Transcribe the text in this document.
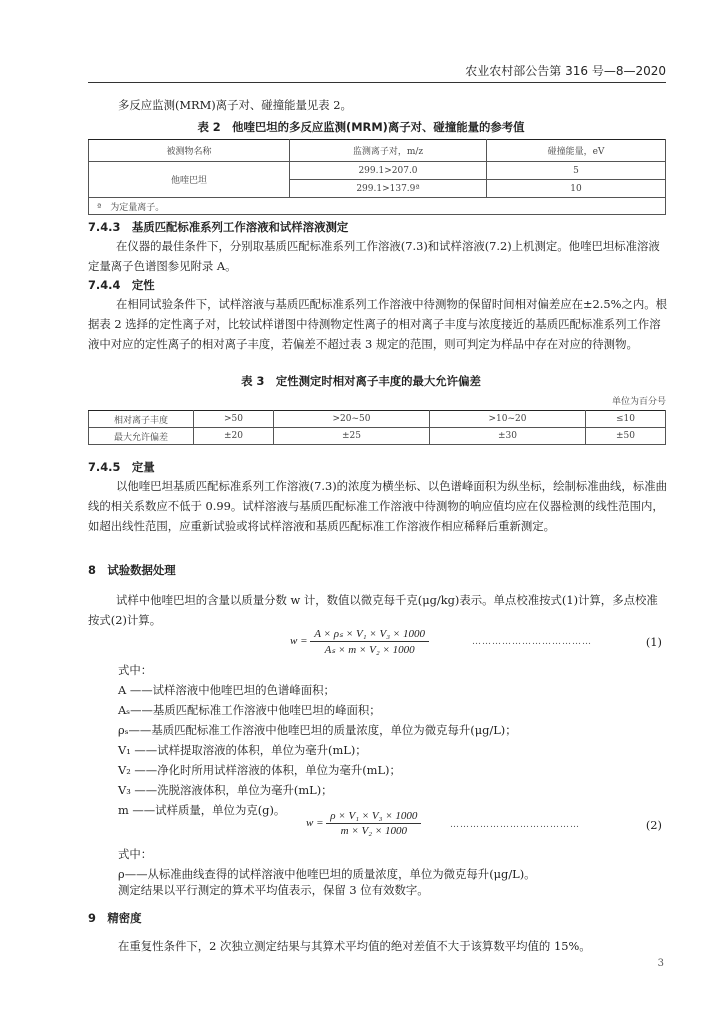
农业农村部公告第 316 号—8—2020
多反应监测(MRM)离子对、碰撞能量见表 2。
表 2　他喹巴坦的多反应监测(MRM)离子对、碰撞能量的参考值
被测物名称	监测离子对，m/z	碰撞能量，eV
他喹巴坦	299.1>207.0	5
	299.1>137.9ª	10
ª　为定量离子。		
7.4.3　基质匹配标准系列工作溶液和试样溶液测定
在仪器的最佳条件下，分别取基质匹配标准系列工作溶液(7.3)和试样溶液(7.2)上机测定。他喹巴坦标准溶液定量离子色谱图参见附录 A。
7.4.4　定性
在相同试验条件下，试样溶液与基质匹配标准系列工作溶液中待测物的保留时间相对偏差应在±2.5%之内。根据表 2 选择的定性离子对，比较试样谱图中待测物定性离子的相对离子丰度与浓度接近的基质匹配标准系列工作溶液中对应的定性离子的相对离子丰度，若偏差不超过表 3 规定的范围，则可判定为样品中存在对应的待测物。
表 3　定性测定时相对离子丰度的最大允许偏差
单位为百分号
相对离子丰度	>50	>20~50	>10~20	≤10
最大允许偏差	±20	±25	±30	±50
7.4.5　定量
以他喹巴坦基质匹配标准系列工作溶液(7.3)的浓度为横坐标、以色谱峰面积为纵坐标，绘制标准曲线，标准曲线的相关系数应不低于 0.99。试样溶液与基质匹配标准工作溶液中待测物的响应值均应在仪器检测的线性范围内，如超出线性范围，应重新试验或将试样溶液和基质匹配标准工作溶液作相应稀释后重新测定。
8　试验数据处理
试样中他喹巴坦的含量以质量分数 w 计，数值以微克每千克(μg/kg)表示。单点校准按式(1)计算，多点校准按式(2)计算。
$w = \frac{\text{A × ρₛ × V₁ × V₃ × 1000}}{\text{Aₛ × m × V₂ × 1000}}$	………………………………	(1)
式中：
A ——试样溶液中他喹巴坦的色谱峰面积；
Aₛ——基质匹配标准工作溶液中他喹巴坦的峰面积；
ρₛ——基质匹配标准工作溶液中他喹巴坦的质量浓度，单位为微克每升(μg/L)；
V₁ ——试样提取溶液的体积，单位为毫升(mL)；
V₂ ——净化时所用试样溶液的体积，单位为毫升(mL)；
V₃ ——洗脱溶液体积，单位为毫升(mL)；
m ——试样质量，单位为克(g)。
$w = \frac{\text{ρ × V₁ × V₃ × 1000}}{\text{m × V₂ × 1000}}$	…………………………………	(2)
式中：
ρ——从标准曲线查得的试样溶液中他喹巴坦的质量浓度，单位为微克每升(μg/L)。
测定结果以平行测定的算术平均值表示，保留 3 位有效数字。
9　精密度
在重复性条件下，2 次独立测定结果与其算术平均值的绝对差值不大于该算数平均值的 15%。
3
